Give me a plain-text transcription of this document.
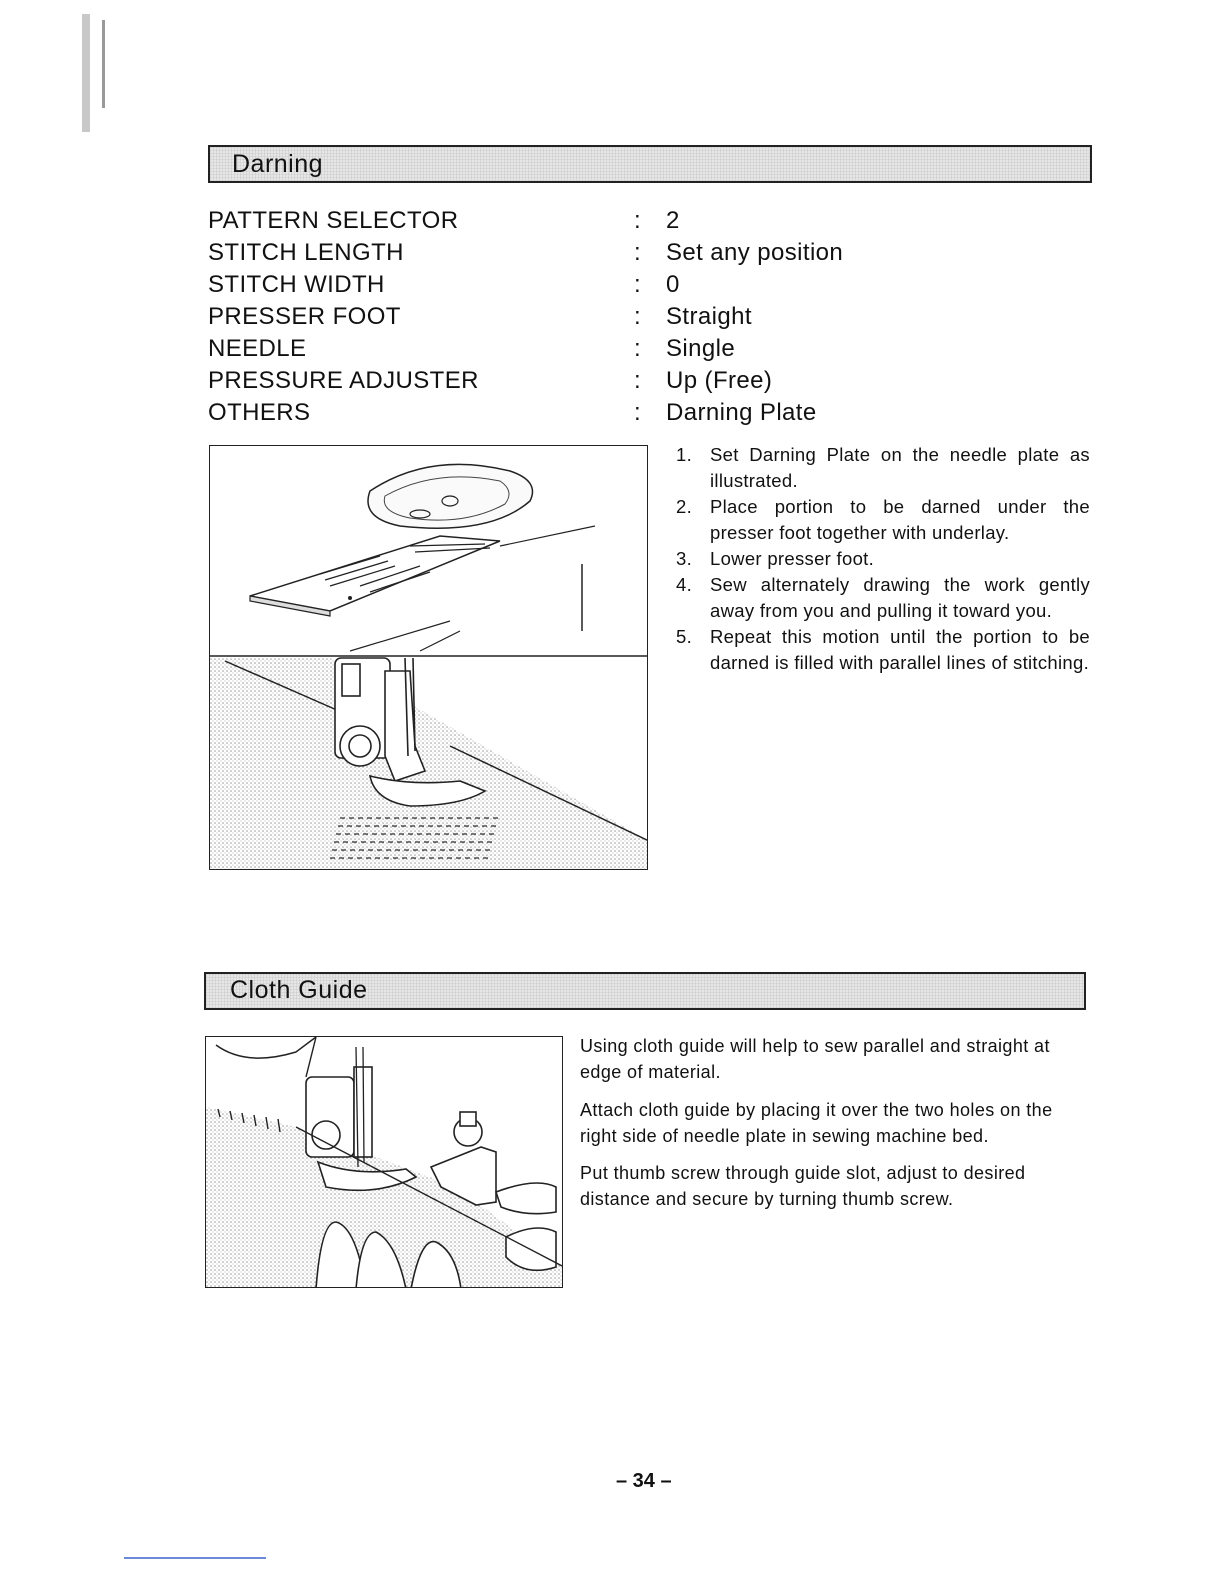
Darning
PATTERN SELECTOR	: 2
STITCH LENGTH	: Set any position
STITCH WIDTH	: 0
PRESSER FOOT	: Straight
NEEDLE	: Single
PRESSURE ADJUSTER	: Up (Free)
OTHERS	: Darning Plate
1. Set Darning Plate on the needle plate as illustrated.
2. Place portion to be darned under the presser foot together with underlay.
3. Lower presser foot.
4. Sew alternately drawing the work gently away from you and pulling it toward you.
5. Repeat this motion until the portion to be darned is filled with parallel lines of stitching.
Cloth Guide

Using cloth guide will help to sew parallel and straight at edge of material.

Attach cloth guide by placing it over the two holes on the right side of needle plate in sewing machine bed.

Put thumb screw through guide slot, adjust to desired distance and secure by turning thumb screw.

– 34 –
